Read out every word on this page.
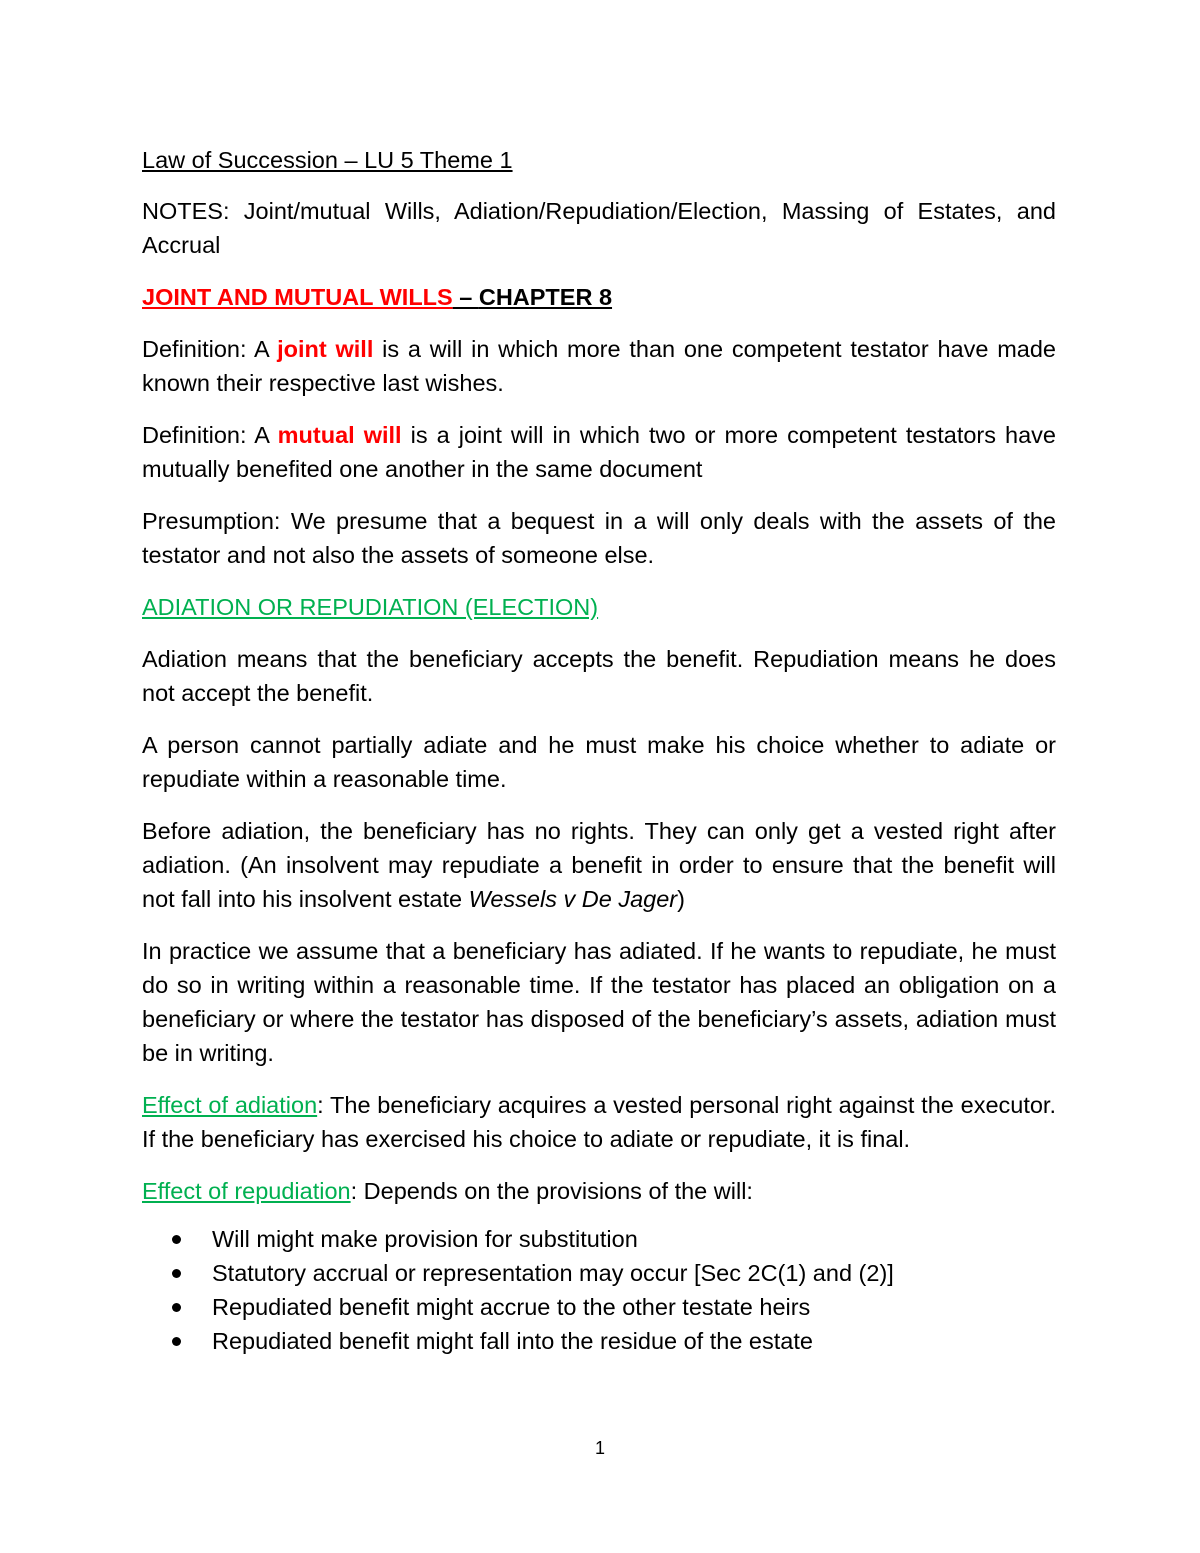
Law of Succession – LU 5 Theme 1

NOTES: Joint/mutual Wills, Adiation/Repudiation/Election, Massing of Estates, and Accrual

JOINT AND MUTUAL WILLS – CHAPTER 8

Definition: A joint will is a will in which more than one competent testator have made known their respective last wishes.

Definition: A mutual will is a joint will in which two or more competent testators have mutually benefited one another in the same document

Presumption: We presume that a bequest in a will only deals with the assets of the testator and not also the assets of someone else.

ADIATION OR REPUDIATION (ELECTION)

Adiation means that the beneficiary accepts the benefit. Repudiation means he does not accept the benefit.

A person cannot partially adiate and he must make his choice whether to adiate or repudiate within a reasonable time.

Before adiation, the beneficiary has no rights. They can only get a vested right after adiation. (An insolvent may repudiate a benefit in order to ensure that the benefit will not fall into his insolvent estate Wessels v De Jager)

In practice we assume that a beneficiary has adiated. If he wants to repudiate, he must do so in writing within a reasonable time. If the testator has placed an obligation on a beneficiary or where the testator has disposed of the beneficiary’s assets, adiation must be in writing.

Effect of adiation: The beneficiary acquires a vested personal right against the executor. If the beneficiary has exercised his choice to adiate or repudiate, it is final.

Effect of repudiation: Depends on the provisions of the will:

Will might make provision for substitution
Statutory accrual or representation may occur [Sec 2C(1) and (2)]
Repudiated benefit might accrue to the other testate heirs
Repudiated benefit might fall into the residue of the estate
1
